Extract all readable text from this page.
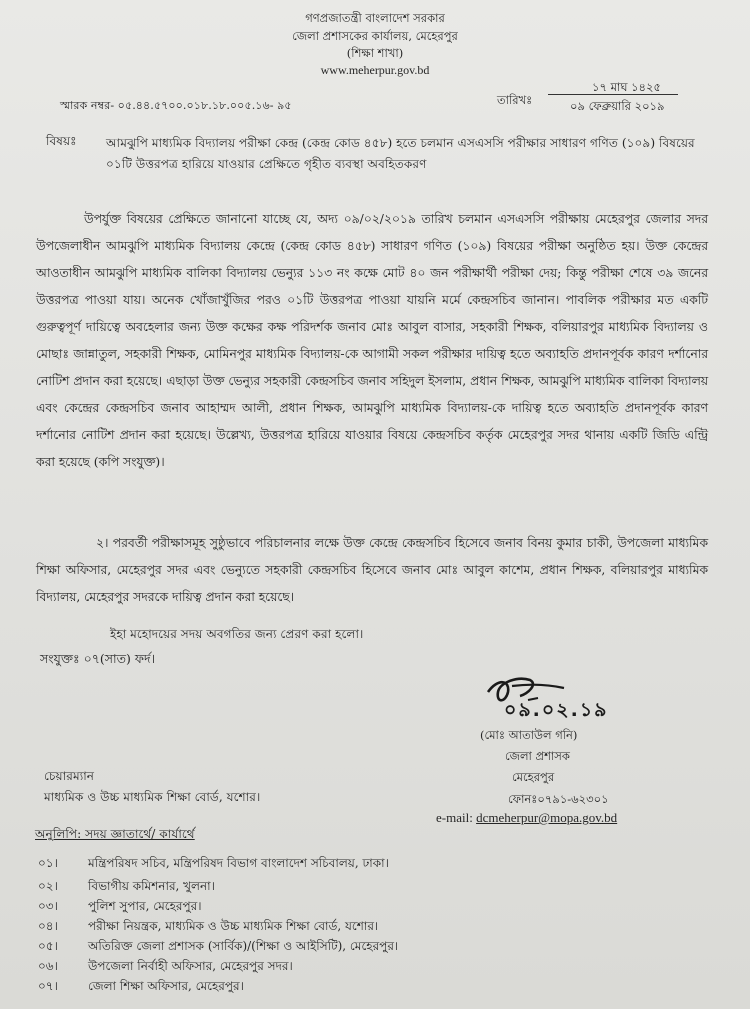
গণপ্রজাতন্ত্রী বাংলাদেশ সরকার
জেলা প্রশাসকের কার্যালয়, মেহেরপুর
(শিক্ষা শাখা)
www.meherpur.gov.bd
স্মারক নম্বর- ০৫.৪৪.৫৭০০.০১৮.১৮.০০৫.১৬- ৯৫	তারিখঃ
১৭ মাঘ ১৪২৫
০৯ ফেব্রুয়ারি ২০১৯
বিষয়ঃ আমঝুপি মাধ্যমিক বিদ্যালয় পরীক্ষা কেন্দ্র (কেন্দ্র কোড ৪৫৮) হতে চলমান এসএসসি পরীক্ষার সাধারণ গণিত (১০৯) বিষয়ের ০১টি উত্তরপত্র হারিয়ে যাওয়ার প্রেক্ষিতে গৃহীত ব্যবস্থা অবহিতকরণ
উপর্যুক্ত বিষয়ের প্রেক্ষিতে জানানো যাচ্ছে যে, অদ্য ০৯/০২/২০১৯ তারিখ চলমান এসএসসি পরীক্ষায় মেহেরপুর জেলার সদর উপজেলাধীন আমঝুপি মাধ্যমিক বিদ্যালয় কেন্দ্রে (কেন্দ্র কোড ৪৫৮) সাধারণ গণিত (১০৯) বিষয়ের পরীক্ষা অনুষ্ঠিত হয়। উক্ত কেন্দ্রের আওতাধীন আমঝুপি মাধ্যমিক বালিকা বিদ্যালয় ভেন্যুর ১১৩ নং কক্ষে মোট ৪০ জন পরীক্ষার্থী পরীক্ষা দেয়; কিন্তু পরীক্ষা শেষে ৩৯ জনের উত্তরপত্র পাওয়া যায়। অনেক খোঁজাখুঁজির পরও ০১টি উত্তরপত্র পাওয়া যায়নি মর্মে কেন্দ্রসচিব জানান। পাবলিক পরীক্ষার মত একটি গুরুত্বপূর্ণ দায়িত্বে অবহেলার জন্য উক্ত কক্ষের কক্ষ পরিদর্শক জনাব মোঃ আবুল বাসার, সহকারী শিক্ষক, বলিয়ারপুর মাধ্যমিক বিদ্যালয় ও মোছাঃ জান্নাতুল, সহকারী শিক্ষক, মোমিনপুর মাধ্যমিক বিদ্যালয়-কে আগামী সকল পরীক্ষার দায়িত্ব হতে অব্যাহতি প্রদানপূর্বক কারণ দর্শানোর নোটিশ প্রদান করা হয়েছে। এছাড়া উক্ত ভেন্যুর সহকারী কেন্দ্রসচিব জনাব সহিদুল ইসলাম, প্রধান শিক্ষক, আমঝুপি মাধ্যমিক বালিকা বিদ্যালয় এবং কেন্দ্রের কেন্দ্রসচিব জনাব আহাম্মদ আলী, প্রধান শিক্ষক, আমঝুপি মাধ্যমিক বিদ্যালয়-কে দায়িত্ব হতে অব্যাহতি প্রদানপূর্বক কারণ দর্শানোর নোটিশ প্রদান করা হয়েছে। উল্লেখ্য, উত্তরপত্র হারিয়ে যাওয়ার বিষয়ে কেন্দ্রসচিব কর্তৃক মেহেরপুর সদর থানায় একটি জিডি এন্ট্রি করা হয়েছে (কপি সংযুক্ত)।
২। পরবর্তী পরীক্ষাসমূহ সুষ্ঠুভাবে পরিচালনার লক্ষে উক্ত কেন্দ্রে কেন্দ্রসচিব হিসেবে জনাব বিনয় কুমার চাকী, উপজেলা মাধ্যমিক শিক্ষা অফিসার, মেহেরপুর সদর এবং ভেন্যুতে সহকারী কেন্দ্রসচিব হিসেবে জনাব মোঃ আবুল কাশেম, প্রধান শিক্ষক, বলিয়ারপুর মাধ্যমিক বিদ্যালয়, মেহেরপুর সদরকে দায়িত্ব প্রদান করা হয়েছে।
ইহা মহোদয়ের সদয় অবগতির জন্য প্রেরণ করা হলো।
সংযুক্তঃ ০৭(সাত) ফর্দ।
০৯.০২.১৯
(মোঃ আতাউল গনি)
জেলা প্রশাসক
মেহেরপুর
ফোনঃ০৭৯১-৬২৩০১
e-mail: dcmeherpur@mopa.gov.bd
চেয়ারম্যান
মাধ্যমিক ও উচ্চ মাধ্যমিক শিক্ষা বোর্ড, যশোর।
অনুলিপি: সদয় জ্ঞাতার্থে/ কার্যার্থে
০১।	মন্ত্রিপরিষদ সচিব, মন্ত্রিপরিষদ বিভাগ বাংলাদেশ সচিবালয়, ঢাকা।
০২।	বিভাগীয় কমিশনার, খুলনা।
০৩।	পুলিশ সুপার, মেহেরপুর।
০৪।	পরীক্ষা নিয়ন্ত্রক, মাধ্যমিক ও উচ্চ মাধ্যমিক শিক্ষা বোর্ড, যশোর।
০৫।	অতিরিক্ত জেলা প্রশাসক (সার্বিক)/(শিক্ষা ও আইসিটি), মেহেরপুর।
০৬।	উপজেলা নির্বাহী অফিসার, মেহেরপুর সদর।
০৭।	জেলা শিক্ষা অফিসার, মেহেরপুর।
